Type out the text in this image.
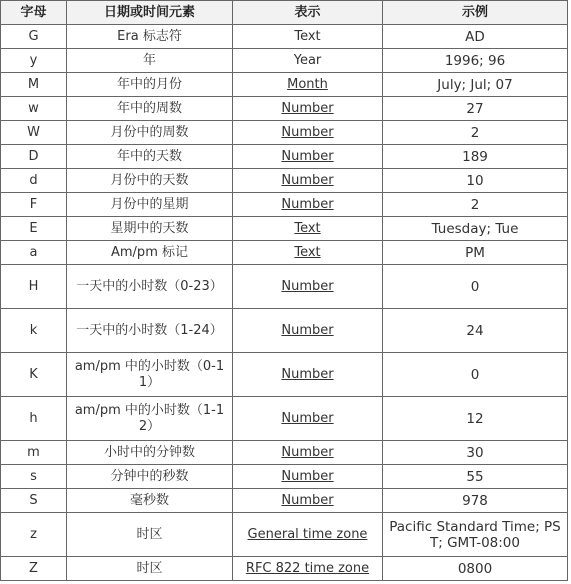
字母	日期或时间元素	表示	示例
G	Era 标志符	Text	AD
y	年	Year	1996; 96
M	年中的月份	Month	July; Jul; 07
w	年中的周数	Number	27
W	月份中的周数	Number	2
D	年中的天数	Number	189
d	月份中的天数	Number	10
F	月份中的星期	Number	2
E	星期中的天数	Text	Tuesday; Tue
a	Am/pm 标记	Text	PM
H	一天中的小时数（0-23）	Number	0
k	一天中的小时数（1-24）	Number	24
K	am/pm 中的小时数（0-11）	Number	0
h	am/pm 中的小时数（1-12）	Number	12
m	小时中的分钟数	Number	30
s	分钟中的秒数	Number	55
S	毫秒数	Number	978
z	时区	General time zone	Pacific Standard Time; PST; GMT-08:00
Z	时区	RFC 822 time zone	0800
